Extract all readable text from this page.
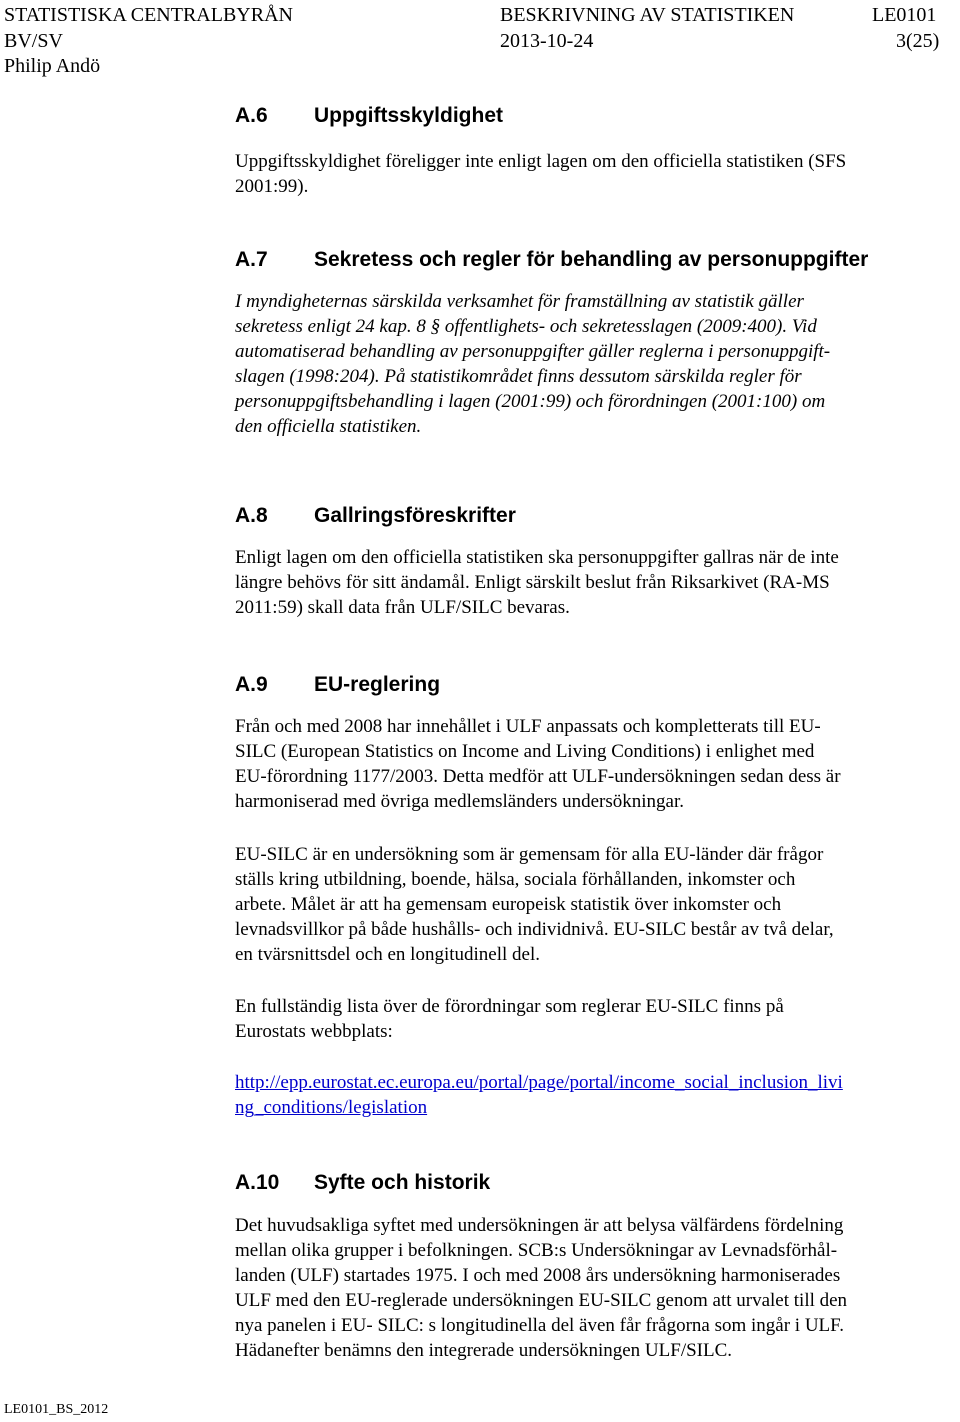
STATISTISKA CENTRALBYRÅN	BESKRIVNING AV STATISTIKEN	LE0101
BV/SV	2013-10-24	3(25)
Philip Andö
A.6 Uppgiftsskyldighet
Uppgiftsskyldighet föreligger inte enligt lagen om den officiella statistiken (SFS
2001:99).
A.7 Sekretess och regler för behandling av personuppgifter
I myndigheternas särskilda verksamhet för framställning av statistik gäller
sekretess enligt 24 kap. 8 § offentlighets- och sekretesslagen (2009:400). Vid
automatiserad behandling av personuppgifter gäller reglerna i personuppgift-
slagen (1998:204). På statistikområdet finns dessutom särskilda regler för
personuppgiftsbehandling i lagen (2001:99) och förordningen (2001:100) om
den officiella statistiken.
A.8 Gallringsföreskrifter
Enligt lagen om den officiella statistiken ska personuppgifter gallras när de inte
längre behövs för sitt ändamål. Enligt särskilt beslut från Riksarkivet (RA-MS
2011:59) skall data från ULF/SILC bevaras.
A.9 EU-reglering
Från och med 2008 har innehållet i ULF anpassats och kompletterats till EU-
SILC (European Statistics on Income and Living Conditions) i enlighet med
EU-förordning 1177/2003. Detta medför att ULF-undersökningen sedan dess är
harmoniserad med övriga medlemsländers undersökningar.
EU-SILC är en undersökning som är gemensam för alla EU-länder där frågor
ställs kring utbildning, boende, hälsa, sociala förhållanden, inkomster och
arbete. Målet är att ha gemensam europeisk statistik över inkomster och
levnadsvillkor på både hushålls- och individnivå. EU-SILC består av två delar,
en tvärsnittsdel och en longitudinell del.
En fullständig lista över de förordningar som reglerar EU-SILC finns på
Eurostats webbplats:
http://epp.eurostat.ec.europa.eu/portal/page/portal/income_social_inclusion_livi
ng_conditions/legislation
A.10 Syfte och historik
Det huvudsakliga syftet med undersökningen är att belysa välfärdens fördelning
mellan olika grupper i befolkningen. SCB:s Undersökningar av Levnadsförhål-
landen (ULF) startades 1975. I och med 2008 års undersökning harmoniserades
ULF med den EU-reglerade undersökningen EU-SILC genom att urvalet till den
nya panelen i EU- SILC: s longitudinella del även får frågorna som ingår i ULF.
Hädanefter benämns den integrerade undersökningen ULF/SILC.
LE0101_BS_2012
